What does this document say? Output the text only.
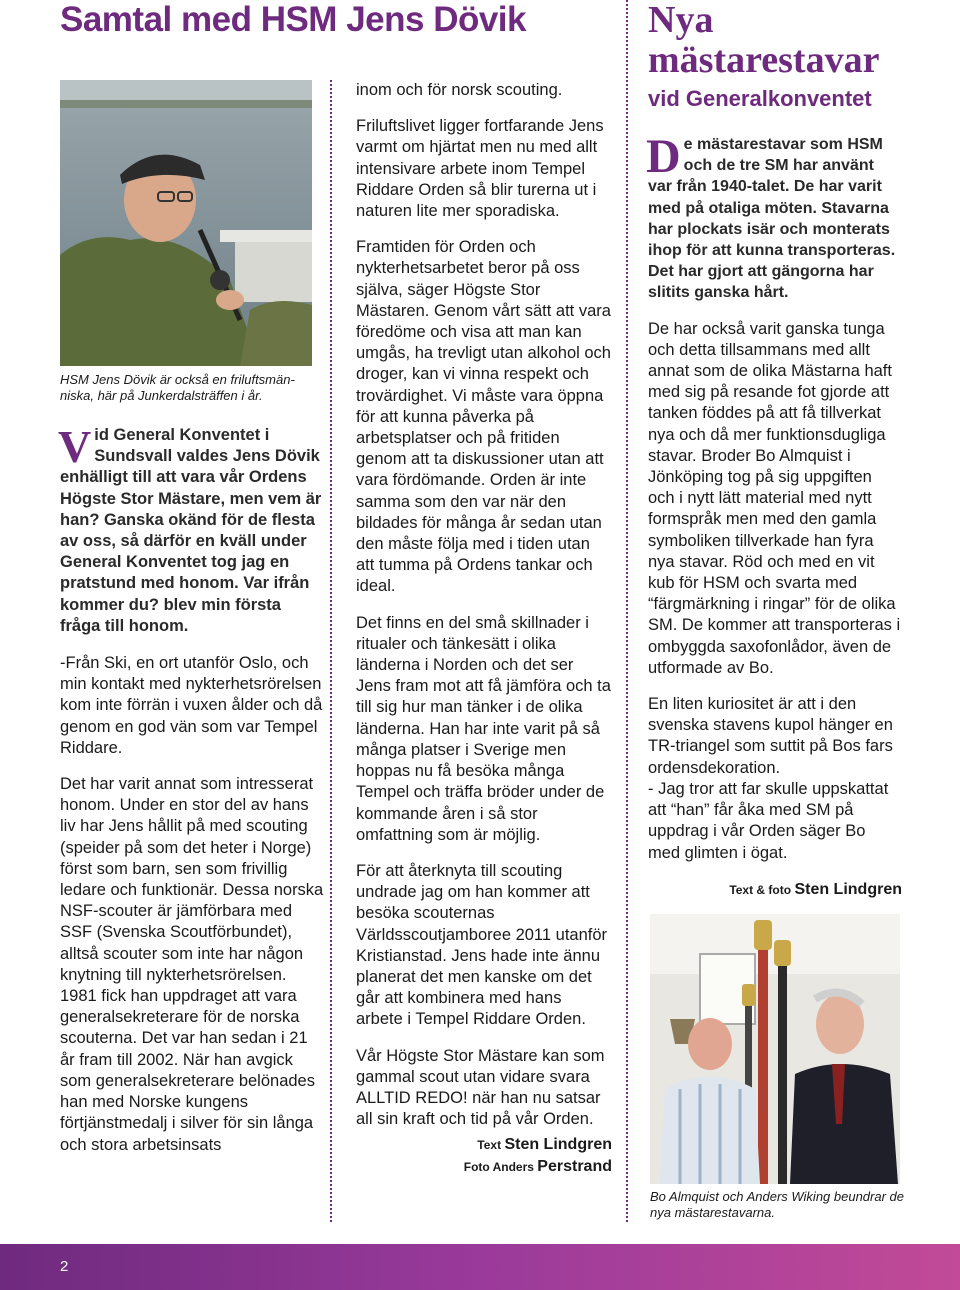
Samtal med HSM Jens Dövik
HSM Jens Dövik är också en friluftsmänniska, här på Junkerdalsträffen i år.
Vid General Konventet i Sundsvall valdes Jens Dövik enhälligt till att vara vår Ordens Högste Stor Mästare, men vem är han? Ganska okänd för de flesta av oss, så därför en kväll under General Konventet tog jag en pratstund med honom. Var ifrån kommer du? blev min första fråga till honom.

-Från Ski, en ort utanför Oslo, och min kontakt med nykterhetsrörelsen kom inte förrän i vuxen ålder och då genom en god vän som var Tempel Riddare.

Det har varit annat som intresserat honom. Under en stor del av hans liv har Jens hållit på med scouting (speider på som det heter i Norge) först som barn, sen som frivillig ledare och funktionär. Dessa norska NSF-scouter är jämförbara med SSF (Svenska Scoutförbundet), alltså scouter som inte har någon knytning till nykterhetsrörelsen. 1981 fick han uppdraget att vara generalsekreterare för de norska scouterna. Det var han sedan i 21 år fram till 2002. När han avgick som generalsekreterare belönades han med Norske kungens förtjänstmedalj i silver för sin långa och stora arbetsinsats

inom och för norsk scouting.

Friluftslivet ligger fortfarande Jens varmt om hjärtat men nu med allt intensivare arbete inom Tempel Riddare Orden så blir turerna ut i naturen lite mer sporadiska.

Framtiden för Orden och nykterhetsarbetet beror på oss själva, säger Högste Stor Mästaren. Genom vårt sätt att vara föredöme och visa att man kan umgås, ha trevligt utan alkohol och droger, kan vi vinna respekt och trovärdighet. Vi måste vara öppna för att kunna påverka på arbetsplatser och på fritiden genom att ta diskussioner utan att vara fördömande. Orden är inte samma som den var när den bildades för många år sedan utan den måste följa med i tiden utan att tumma på Ordens tankar och ideal.

Det finns en del små skillnader i ritualer och tänkesätt i olika länderna i Norden och det ser Jens fram mot att få jämföra och ta till sig hur man tänker i de olika länderna. Han har inte varit på så många platser i Sverige men hoppas nu få besöka många Tempel och träffa bröder under de kommande åren i så stor omfattning som är möjlig.

För att återknyta till scouting undrade jag om han kommer att besöka scouternas Världsscoutjamboree 2011 utanför Kristianstad. Jens hade inte ännu planerat det men kanske om det går att kombinera med hans arbete i Tempel Riddare Orden.

Vår Högste Stor Mästare kan som gammal scout utan vidare svara ALLTID REDO! när han nu satsar all sin kraft och tid på vår Orden.

Text Sten Lindgren
Foto Anders Perstrand
Nya mästarestavar
vid Generalkonventet
De mästarestavar som HSM och de tre SM har använt var från 1940-talet. De har varit med på otaliga möten. Stavarna har plockats isär och monterats ihop för att kunna transporteras. Det har gjort att gängorna har slitits ganska hårt.

De har också varit ganska tunga och detta tillsammans med allt annat som de olika Mästarna haft med sig på resande fot gjorde att tanken föddes på att få tillverkat nya och då mer funktionsdugliga stavar. Broder Bo Almquist i Jönköping tog på sig uppgiften och i nytt lätt material med nytt formspråk men med den gamla symboliken tillverkade han fyra nya stavar. Röd och med en vit kub för HSM och svarta med “färgmärkning i ringar” för de olika SM. De kommer att transporteras i ombyggda saxofonlådor, även de utformade av Bo.

En liten kuriositet är att i den svenska stavens kupol hänger en TR-triangel som suttit på Bos fars ordensdekoration.
- Jag tror att far skulle uppskattat att “han” får åka med SM på uppdrag i vår Orden säger Bo med glimten i ögat.

Text & foto Sten Lindgren
Bo Almquist och Anders Wiking beundrar de nya mästarestavarna.
2
